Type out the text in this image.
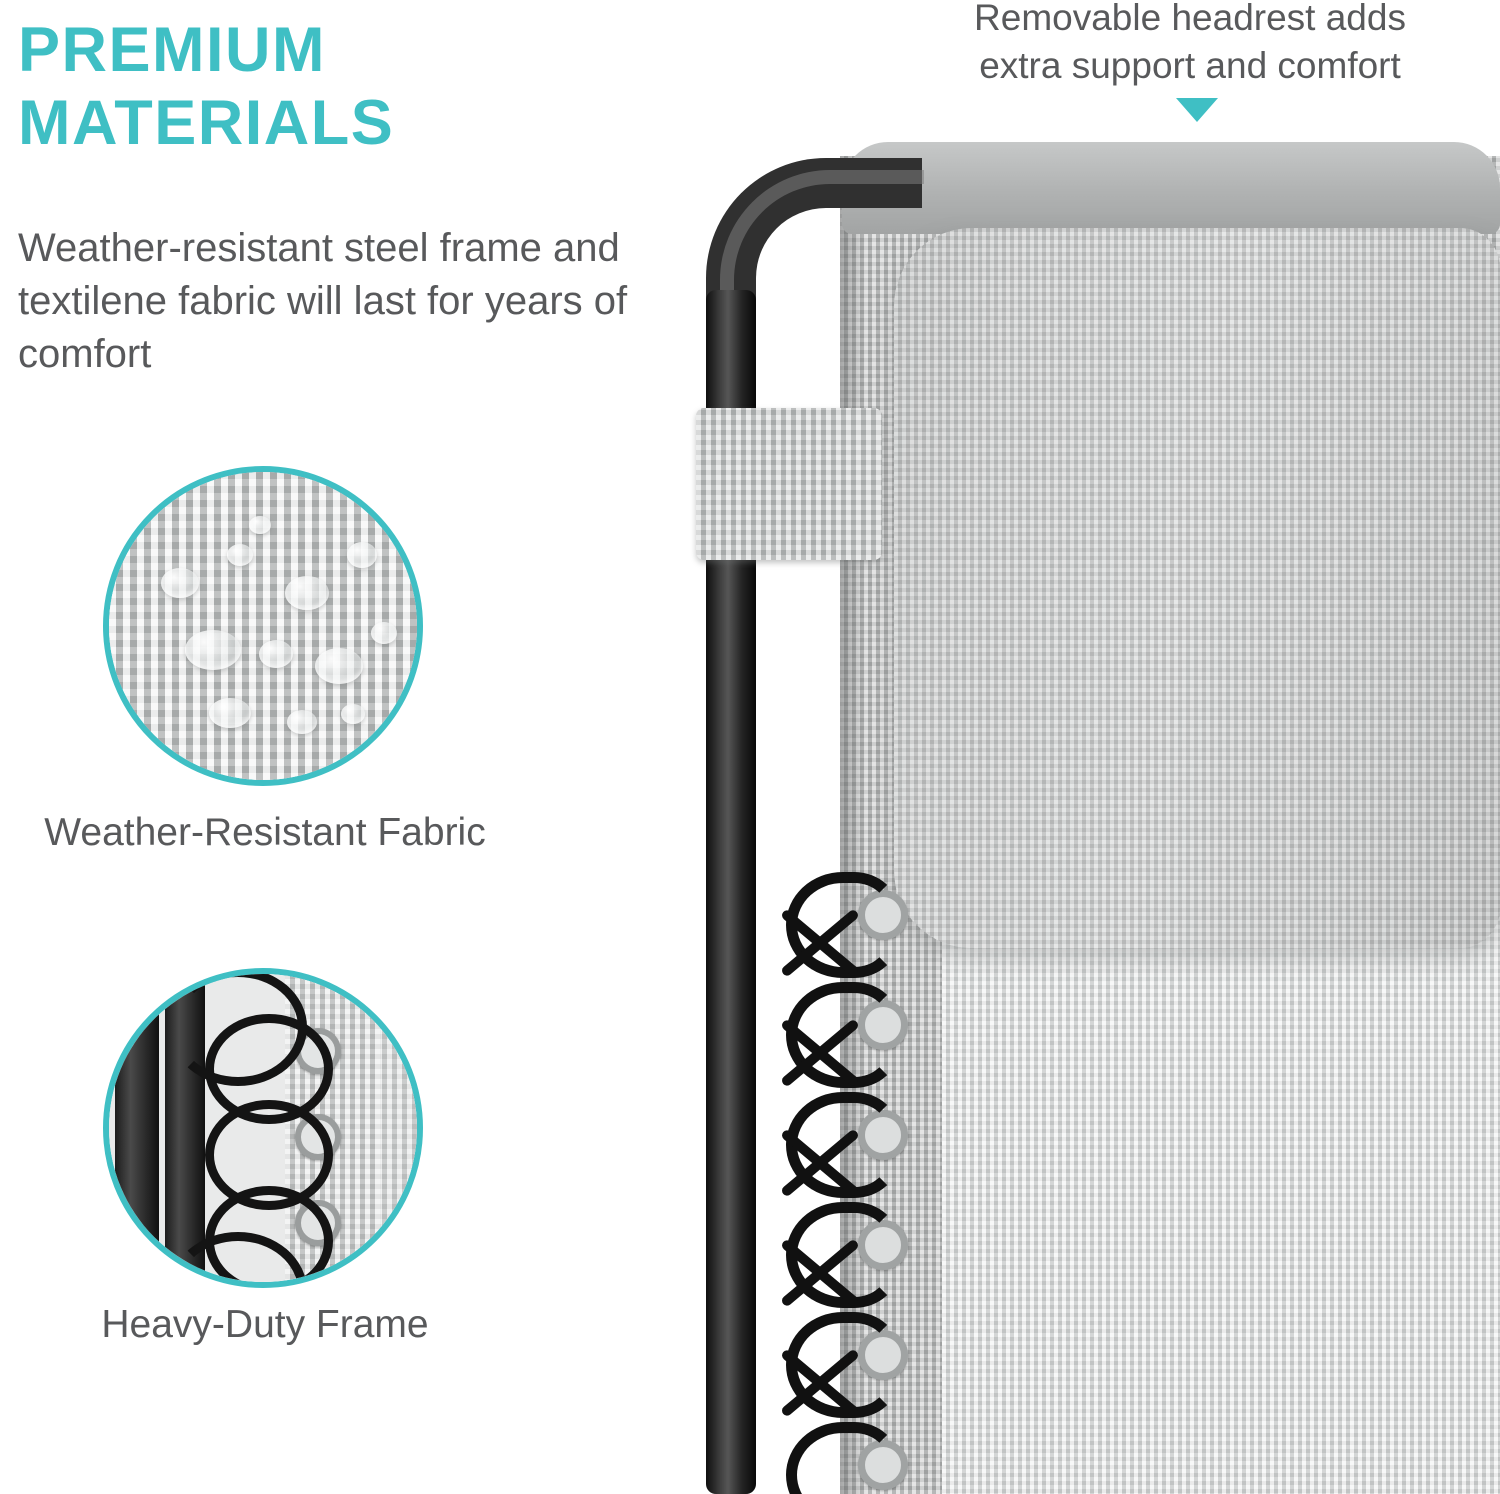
PREMIUM
MATERIALS
Weather-resistant steel frame and textilene fabric will last for years of comfort
Weather-Resistant Fabric
Heavy-Duty Frame
Removable headrest adds extra support and comfort
